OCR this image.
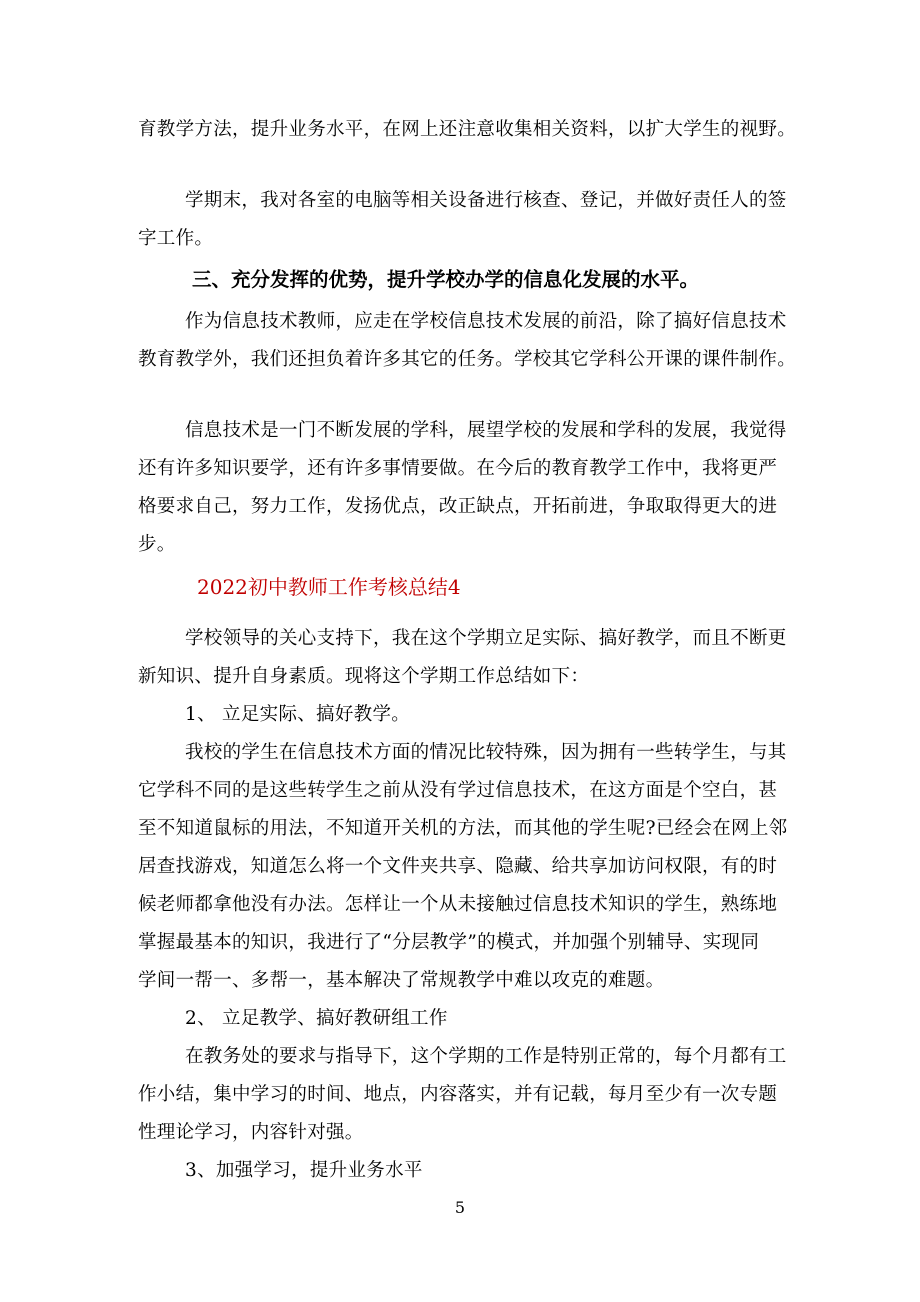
育教学方法，提升业务水平，在网上还注意收集相关资料，以扩大学生的视野。
学期末，我对各室的电脑等相关设备进行核查、登记，并做好责任人的签
字工作。
三、充分发挥的优势，提升学校办学的信息化发展的水平。
作为信息技术教师，应走在学校信息技术发展的前沿，除了搞好信息技术
教育教学外，我们还担负着许多其它的任务。学校其它学科公开课的课件制作。
信息技术是一门不断发展的学科，展望学校的发展和学科的发展，我觉得
还有许多知识要学，还有许多事情要做。在今后的教育教学工作中，我将更严
格要求自己，努力工作，发扬优点，改正缺点，开拓前进，争取取得更大的进
步。
2022初中教师工作考核总结4
学校领导的关心支持下，我在这个学期立足实际、搞好教学，而且不断更
新知识、提升自身素质。现将这个学期工作总结如下：
1、 立足实际、搞好教学。
我校的学生在信息技术方面的情况比较特殊，因为拥有一些转学生，与其
它学科不同的是这些转学生之前从没有学过信息技术，在这方面是个空白，甚
至不知道鼠标的用法，不知道开关机的方法，而其他的学生呢?已经会在网上邻
居查找游戏，知道怎么将一个文件夹共享、隐藏、给共享加访问权限，有的时
候老师都拿他没有办法。怎样让一个从未接触过信息技术知识的学生，熟练地
掌握最基本的知识，我进行了“分层教学”的模式，并加强个别辅导、实现同
学间一帮一、多帮一，基本解决了常规教学中难以攻克的难题。
2、 立足教学、搞好教研组工作
在教务处的要求与指导下，这个学期的工作是特别正常的，每个月都有工
作小结，集中学习的时间、地点，内容落实，并有记载，每月至少有一次专题
性理论学习，内容针对强。
3、加强学习，提升业务水平
5
